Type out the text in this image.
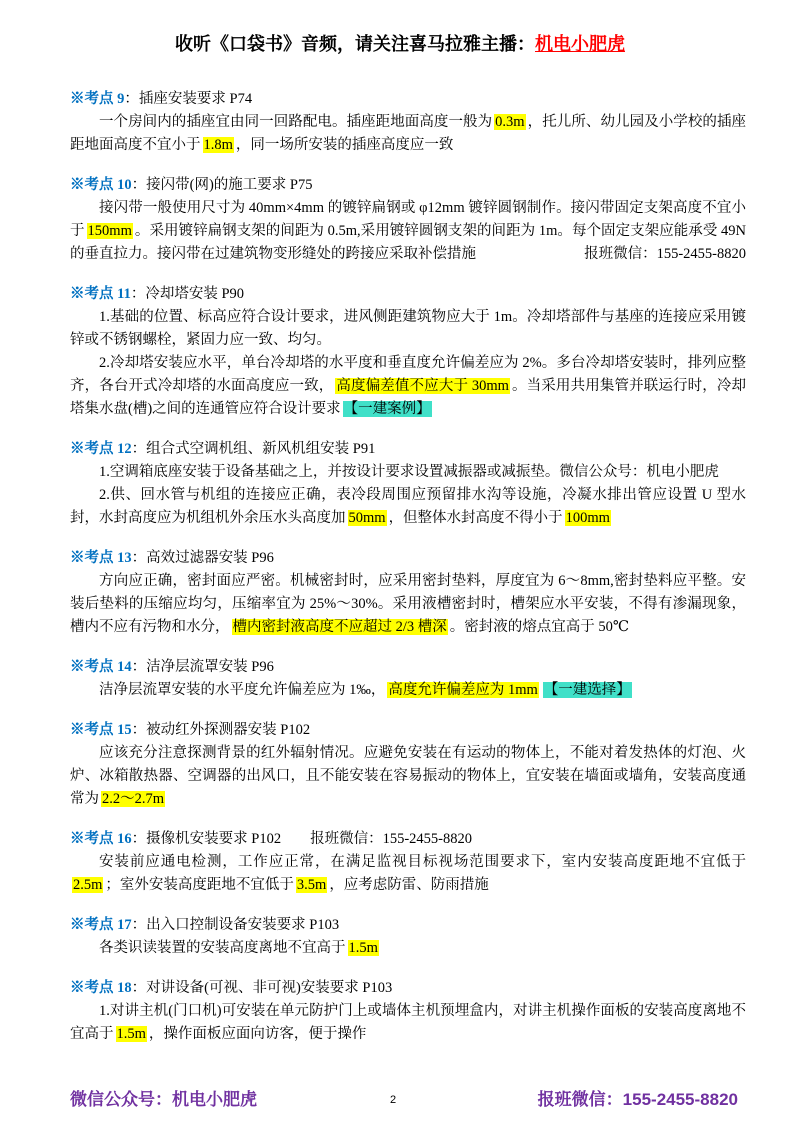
收听《口袋书》音频，请关注喜马拉雅主播：机电小肥虎
※考点 9：插座安装要求 P74

一个房间内的插座宜由同一回路配电。插座距地面高度一般为 0.3m ，托儿所、幼儿园及小学校的插座距地面高度不宜小于 1.8m ，同一场所安装的插座高度应一致

※考点 10：接闪带(网)的施工要求 P75

接闪带一般使用尺寸为 40mm×4mm 的镀锌扁钢或 φ12mm 镀锌圆钢制作。接闪带固定支架高度不宜小于 150mm 。采用镀锌扁钢支架的间距为 0.5m,采用镀锌圆钢支架的间距为 1m。每个固定支架应能承受 49N 的垂直拉力。接闪带在过建筑物变形缝处的跨接应采取补偿措施	报班微信：155-2455-8820

※考点 11：冷却塔安装 P90

1.基础的位置、标高应符合设计要求，进风侧距建筑物应大于 1m。冷却塔部件与基座的连接应采用镀锌或不锈钢螺栓，紧固力应一致、均匀。

2.冷却塔安装应水平，单台冷却塔的水平度和垂直度允许偏差应为 2%。多台冷却塔安装时，排列应整齐，各台开式冷却塔的水面高度应一致， 高度偏差值不应大于 30mm 。当采用共用集管并联运行时，冷却塔集水盘(槽)之间的连通管应符合设计要求 【一建案例】

※考点 12：组合式空调机组、新风机组安装 P91

1.空调箱底座安装于设备基础之上，并按设计要求设置减振器或减振垫。微信公众号：机电小肥虎

2.供、回水管与机组的连接应正确，表冷段周围应预留排水沟等设施，冷凝水排出管应设置 U 型水封，水封高度应为机组机外余压水头高度加 50mm ，但整体水封高度不得小于 100mm

※考点 13：高效过滤器安装 P96

方向应正确，密封面应严密。机械密封时，应采用密封垫料，厚度宜为 6～8mm,密封垫料应平整。安装后垫料的压缩应均匀，压缩率宜为 25%～30%。采用液槽密封时，槽架应水平安装，不得有渗漏现象，槽内不应有污物和水分， 槽内密封液高度不应超过 2/3 槽深 。密封液的熔点宜高于 50℃

※考点 14：洁净层流罩安装 P96

洁净层流罩安装的水平度允许偏差应为 1‰， 高度允许偏差应为 1mm 【一建选择】

※考点 15：被动红外探测器安装 P102

应该充分注意探测背景的红外辐射情况。应避免安装在有运动的物体上，不能对着发热体的灯泡、火炉、冰箱散热器、空调器的出风口，且不能安装在容易振动的物体上，宜安装在墙面或墙角，安装高度通常为 2.2～2.7m

※考点 16：摄像机安装要求 P102 报班微信：155-2455-8820

安装前应通电检测，工作应正常，在满足监视目标视场范围要求下，室内安装高度距地不宜低于2.5m ；室外安装高度距地不宜低于 3.5m ，应考虑防雷、防雨措施

※考点 17：出入口控制设备安装要求 P103

各类识读装置的安装高度离地不宜高于 1.5m

※考点 18：对讲设备(可视、非可视)安装要求 P103

1.对讲主机(门口机)可安装在单元防护门上或墙体主机预埋盒内，对讲主机操作面板的安装高度离地不宜高于 1.5m ，操作面板应面向访客，便于操作

微信公众号：机电小肥虎	2	报班微信：155-2455-8820
